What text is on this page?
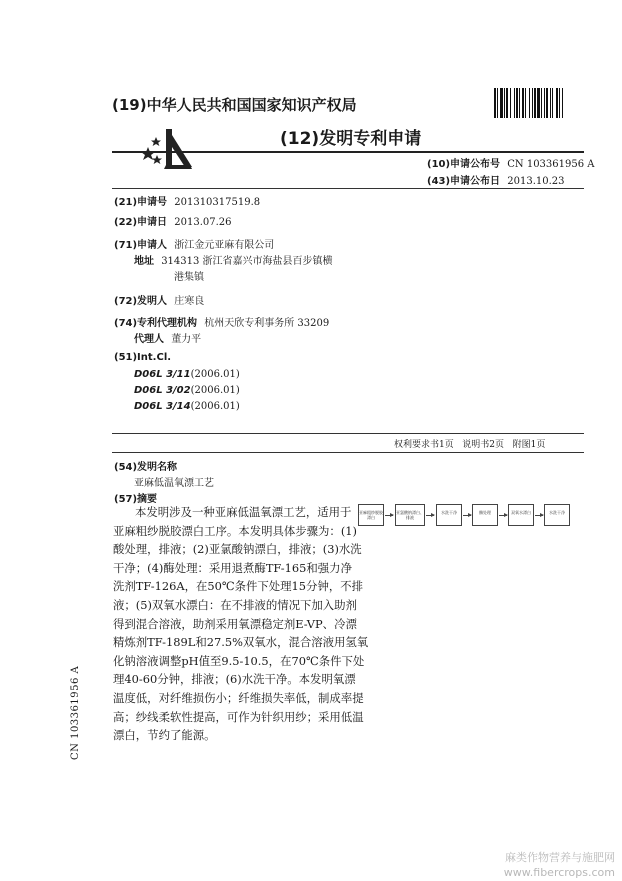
(19)中华人民共和国国家知识产权局
(12)发明专利申请
(10)申请公布号 CN 103361956 A
(43)申请公布日 2013.10.23
(21)申请号 201310317519.8
(22)申请日 2013.07.26
(71)申请人 浙江金元亚麻有限公司
地址 314313 浙江省嘉兴市海盐县百步镇横
港集镇
(72)发明人 庄寒良
(74)专利代理机构 杭州天欣专利事务所 33209
代理人 董力平
(51)Int.Cl.
D06L 3/11(2006.01)
D06L 3/02(2006.01)
D06L 3/14(2006.01)
权利要求书1页   说明书2页   附图1页
(54)发明名称
亚麻低温氧漂工艺
(57)摘要
本发明涉及一种亚麻低温氧漂工艺，适用于
亚麻粗纱脱胶漂白工序。本发明具体步骤为：(1)
酸处理，排液；(2)亚氯酸钠漂白，排液；(3)水洗
干净；(4)酶处理：采用退煮酶TF-165和强力净
洗剂TF-126A，在50℃条件下处理15分钟，不排
液；(5)双氧水漂白：在不排液的情况下加入助剂
得到混合溶液，助剂采用氧漂稳定剂E-VP、冷漂
精炼剂TF-189L和27.5%双氧水，混合溶液用氢氧
化钠溶液调整pH值至9.5-10.5，在70℃条件下处
理40-60分钟，排液；(6)水洗干净。本发明氧漂
温度低，对纤维损伤小；纤维损失率低，制成率提
高；纱线柔软性提高，可作为针织用纱；采用低温
漂白，节约了能源。
亚麻粗纱脱胶漂白
亚氯酸钠漂白、排液
水洗干净	酶处理	双氧水漂白	水洗干净
CN 103361956 A
麻类作物营养与施肥网 www.fibercrops.com
